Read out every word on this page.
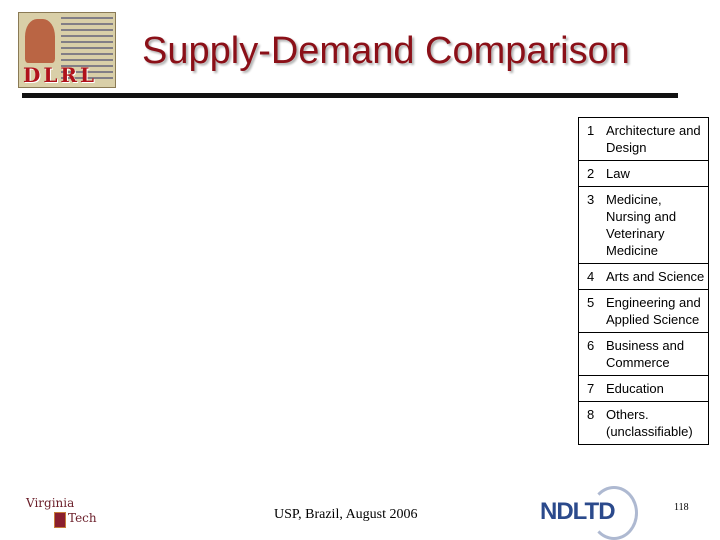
DLRL
Supply-Demand Comparison
1 Architecture and Design
2 Law
3 Medicine, Nursing and Veterinary Medicine
4 Arts and Science
5 Engineering and Applied Science
6 Business and Commerce
7 Education
8 Others. (unclassifiable)
Virginia
Tech	USP, Brazil, August 2006	NDLTD	118
